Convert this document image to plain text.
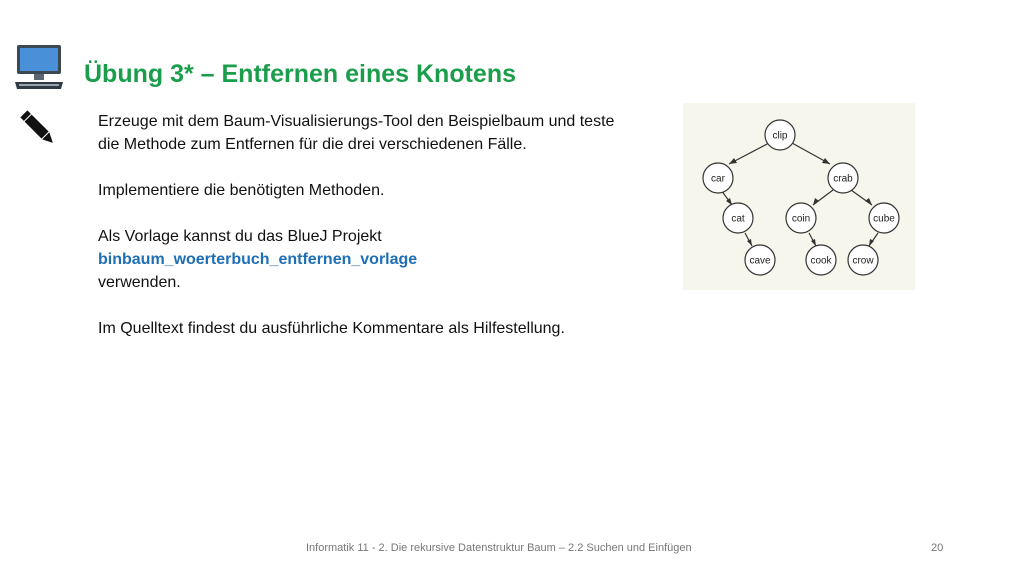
Übung 3* – Entfernen eines Knotens

Erzeuge mit dem Baum-Visualisierungs-Tool den Beispielbaum und teste die Methode zum Entfernen für die drei verschiedenen Fälle.

Implementiere die benötigten Methoden.

Als Vorlage kannst du das BlueJ Projekt
binbaum_woerterbuch_entfernen_vorlage
verwenden.

Im Quelltext findest du ausführliche Kommentare als Hilfestellung.

clip
car	crab
cat	coin	cube
cave	cook crow
Informatik 11 - 2. Die rekursive Datenstruktur Baum – 2.2 Suchen und Einfügen	20
